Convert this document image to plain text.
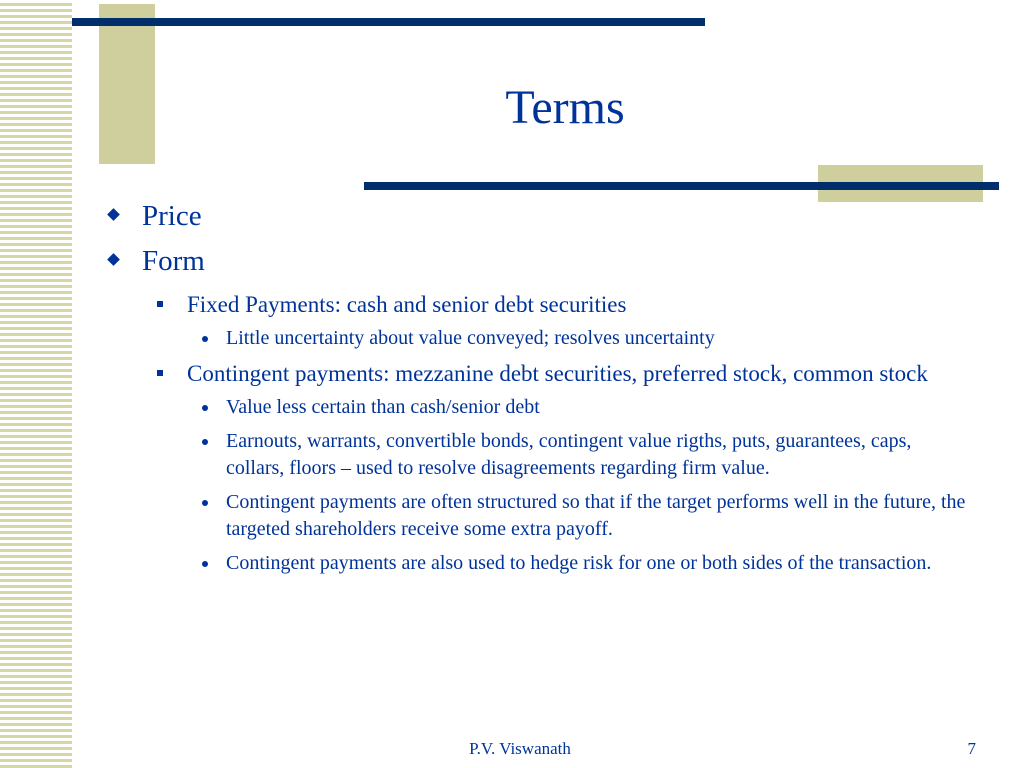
Terms
Price
Form
Fixed Payments: cash and senior debt securities
Little uncertainty about value conveyed; resolves uncertainty
Contingent payments: mezzanine debt securities, preferred stock, common stock
Value less certain than cash/senior debt
Earnouts, warrants, convertible bonds, contingent value rigths, puts, guarantees, caps, collars, floors – used to resolve disagreements regarding firm value.
Contingent payments are often structured so that if the target performs well in the future, the targeted shareholders receive some extra payoff.
Contingent payments are also used to hedge risk for one or both sides of the transaction.
P.V. Viswanath	7
